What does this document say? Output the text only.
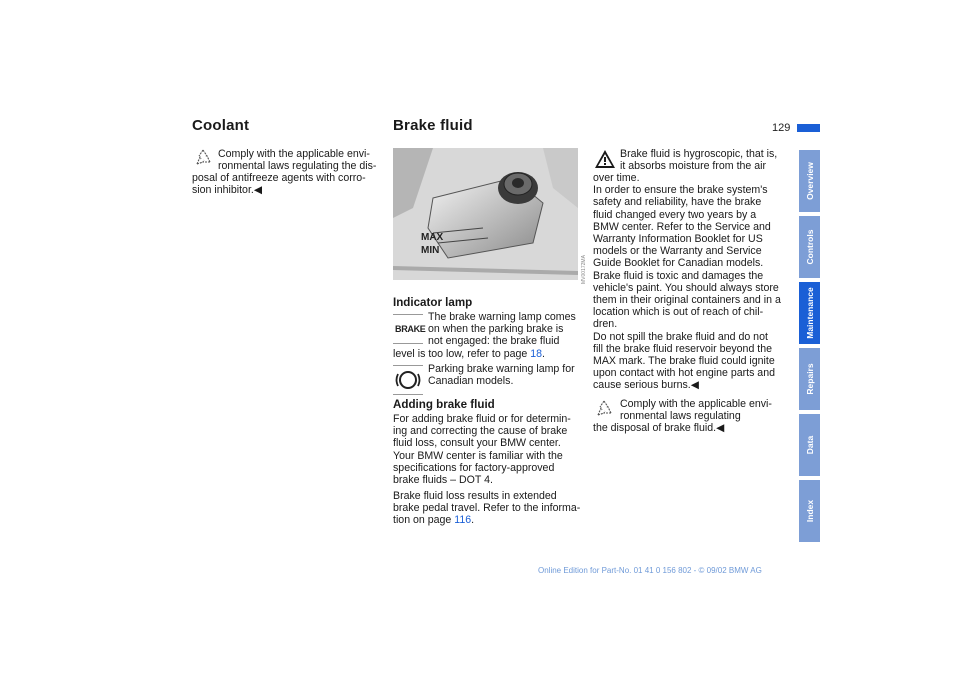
Coolant	Brake fluid	129
Comply with the applicable envi-
ronmental laws regulating the dis-
posal of antifreeze agents with corro-
sion inhibitor.◀
MAX
MIN
MV00172MA
Indicator lamp
BRAKE
The brake warning lamp comes
on when the parking brake is
not engaged: the brake fluid
level is too low, refer to page 18.
Parking brake warning lamp for
Canadian models.
Adding brake fluid
For adding brake fluid or for determin-
ing and correcting the cause of brake
fluid loss, consult your BMW center.
Your BMW center is familiar with the
specifications for factory-approved
brake fluids – DOT 4.
Brake fluid loss results in extended
brake pedal travel. Refer to the informa-
tion on page 116.
Brake fluid is hygroscopic, that is,
it absorbs moisture from the air
over time.
In order to ensure the brake system's
safety and reliability, have the brake
fluid changed every two years by a
BMW center. Refer to the Service and
Warranty Information Booklet for US
models or the Warranty and Service
Guide Booklet for Canadian models.
Brake fluid is toxic and damages the
vehicle's paint. You should always store
them in their original containers and in a
location which is out of reach of chil-
dren.
Do not spill the brake fluid and do not
fill the brake fluid reservoir beyond the
MAX mark. The brake fluid could ignite
upon contact with hot engine parts and
cause serious burns.◀
Comply with the applicable envi-
ronmental laws regulating
the disposal of brake fluid.◀
Overview
Controls
Maintenance
Repairs
Data
Index
Online Edition for Part-No. 01 41 0 156 802 - © 09/02 BMW AG
